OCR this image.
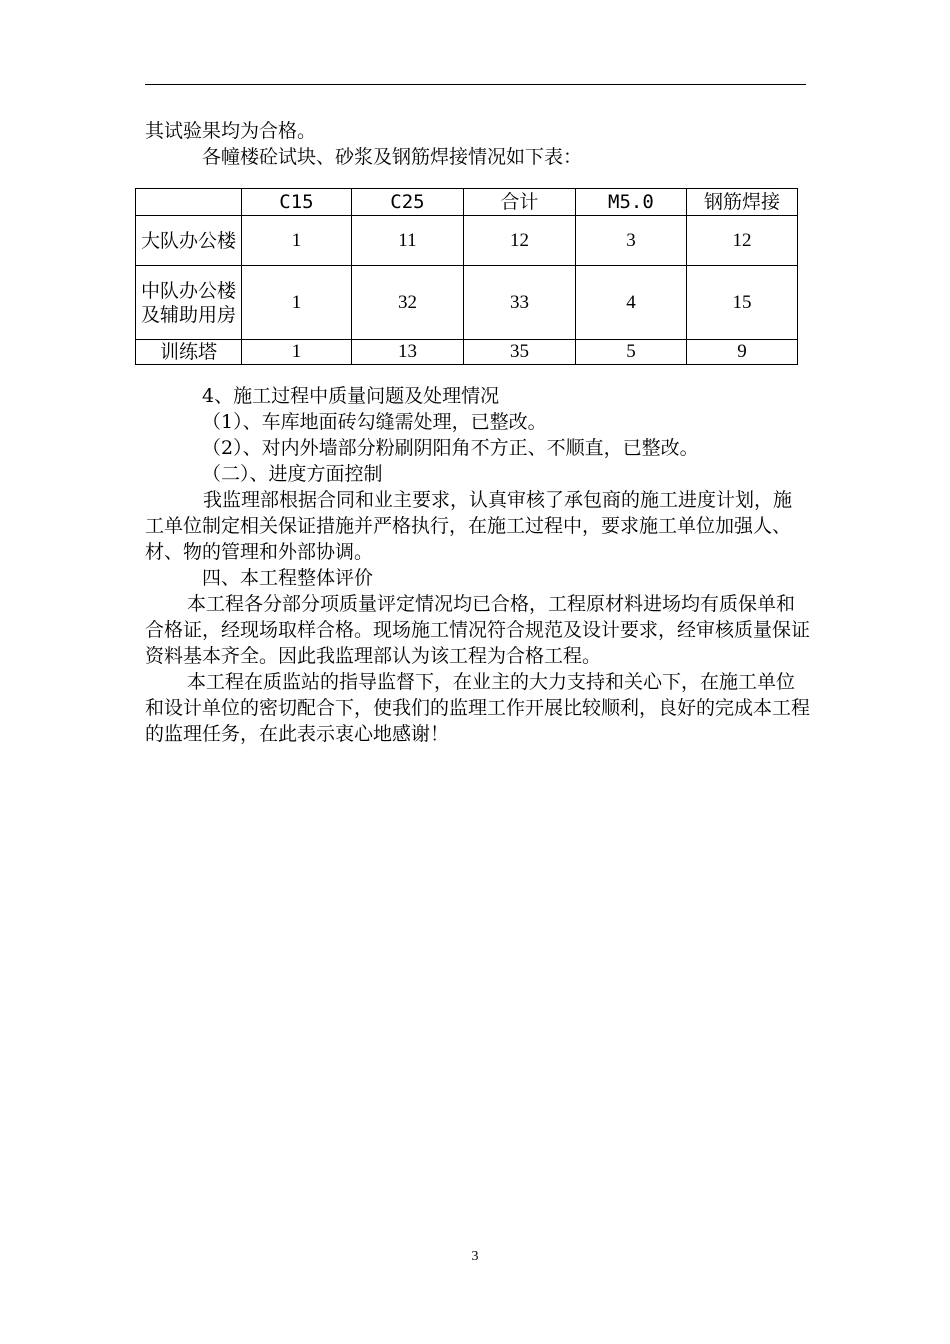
其试验果均为合格。

各幢楼砼试块、砂浆及钢筋焊接情况如下表：

	C15	C25	合计	M5.0	钢筋焊接
大队办公楼	1	11	12	3	12
中队办公楼及辅助用房	1	32	33	4	15
训练塔	1	13	35	5	9

4、施工过程中质量问题及处理情况

（1）、车库地面砖勾缝需处理，已整改。

（2）、对内外墙部分粉刷阴阳角不方正、不顺直，已整改。

（二）、进度方面控制

我监理部根据合同和业主要求，认真审核了承包商的施工进度计划，施工单位制定相关保证措施并严格执行，在施工过程中，要求施工单位加强人、材、物的管理和外部协调。

四、本工程整体评价

本工程各分部分项质量评定情况均已合格，工程原材料进场均有质保单和合格证，经现场取样合格。现场施工情况符合规范及设计要求，经审核质量保证资料基本齐全。因此我监理部认为该工程为合格工程。

本工程在质监站的指导监督下，在业主的大力支持和关心下，在施工单位和设计单位的密切配合下，使我们的监理工作开展比较顺利，良好的完成本工程的监理任务，在此表示衷心地感谢！

3
